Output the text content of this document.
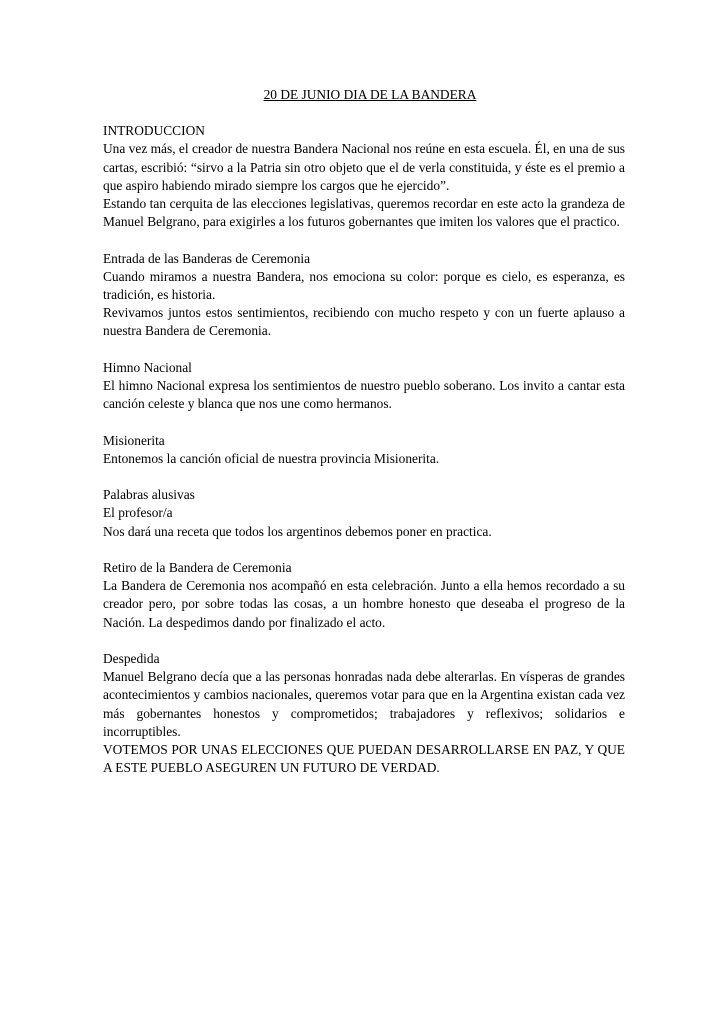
20 DE JUNIO DIA DE LA BANDERA

INTRODUCCION

Una vez más, el creador de nuestra Bandera Nacional nos reúne en esta escuela. Él, en una de sus cartas, escribió: “sirvo a la Patria sin otro objeto que el de verla constituida, y éste es el premio a que aspiro habiendo mirado siempre los cargos que he ejercido”.

Estando tan cerquita de las elecciones legislativas, queremos recordar en este acto la grandeza de Manuel Belgrano, para exigirles a los futuros gobernantes que imiten los valores que el practico.

Entrada de las Banderas de Ceremonia

Cuando miramos a nuestra Bandera, nos emociona su color: porque es cielo, es esperanza, es tradición, es historia.

Revivamos juntos estos sentimientos, recibiendo con mucho respeto y con un fuerte aplauso a nuestra Bandera de Ceremonia.

Himno Nacional

El himno Nacional expresa los sentimientos de nuestro pueblo soberano. Los invito a cantar esta canción celeste y blanca que nos une como hermanos.

Misionerita

Entonemos la canción oficial de nuestra provincia Misionerita.

Palabras alusivas

El profesor/a

Nos dará una receta que todos los argentinos debemos poner en practica.

Retiro de la Bandera de Ceremonia

La Bandera de Ceremonia nos acompañó en esta celebración. Junto a ella hemos recordado a su creador pero, por sobre todas las cosas, a un hombre honesto que deseaba el progreso de la Nación. La despedimos dando por finalizado el acto.

Despedida

Manuel Belgrano decía que a las personas honradas nada debe alterarlas. En vísperas de grandes acontecimientos y cambios nacionales, queremos votar para que en la Argentina existan cada vez más gobernantes honestos y comprometidos; trabajadores y reflexivos; solidarios e incorruptibles.

VOTEMOS POR UNAS ELECCIONES QUE PUEDAN DESARROLLARSE EN PAZ, Y QUE A ESTE PUEBLO ASEGUREN UN FUTURO DE VERDAD.
